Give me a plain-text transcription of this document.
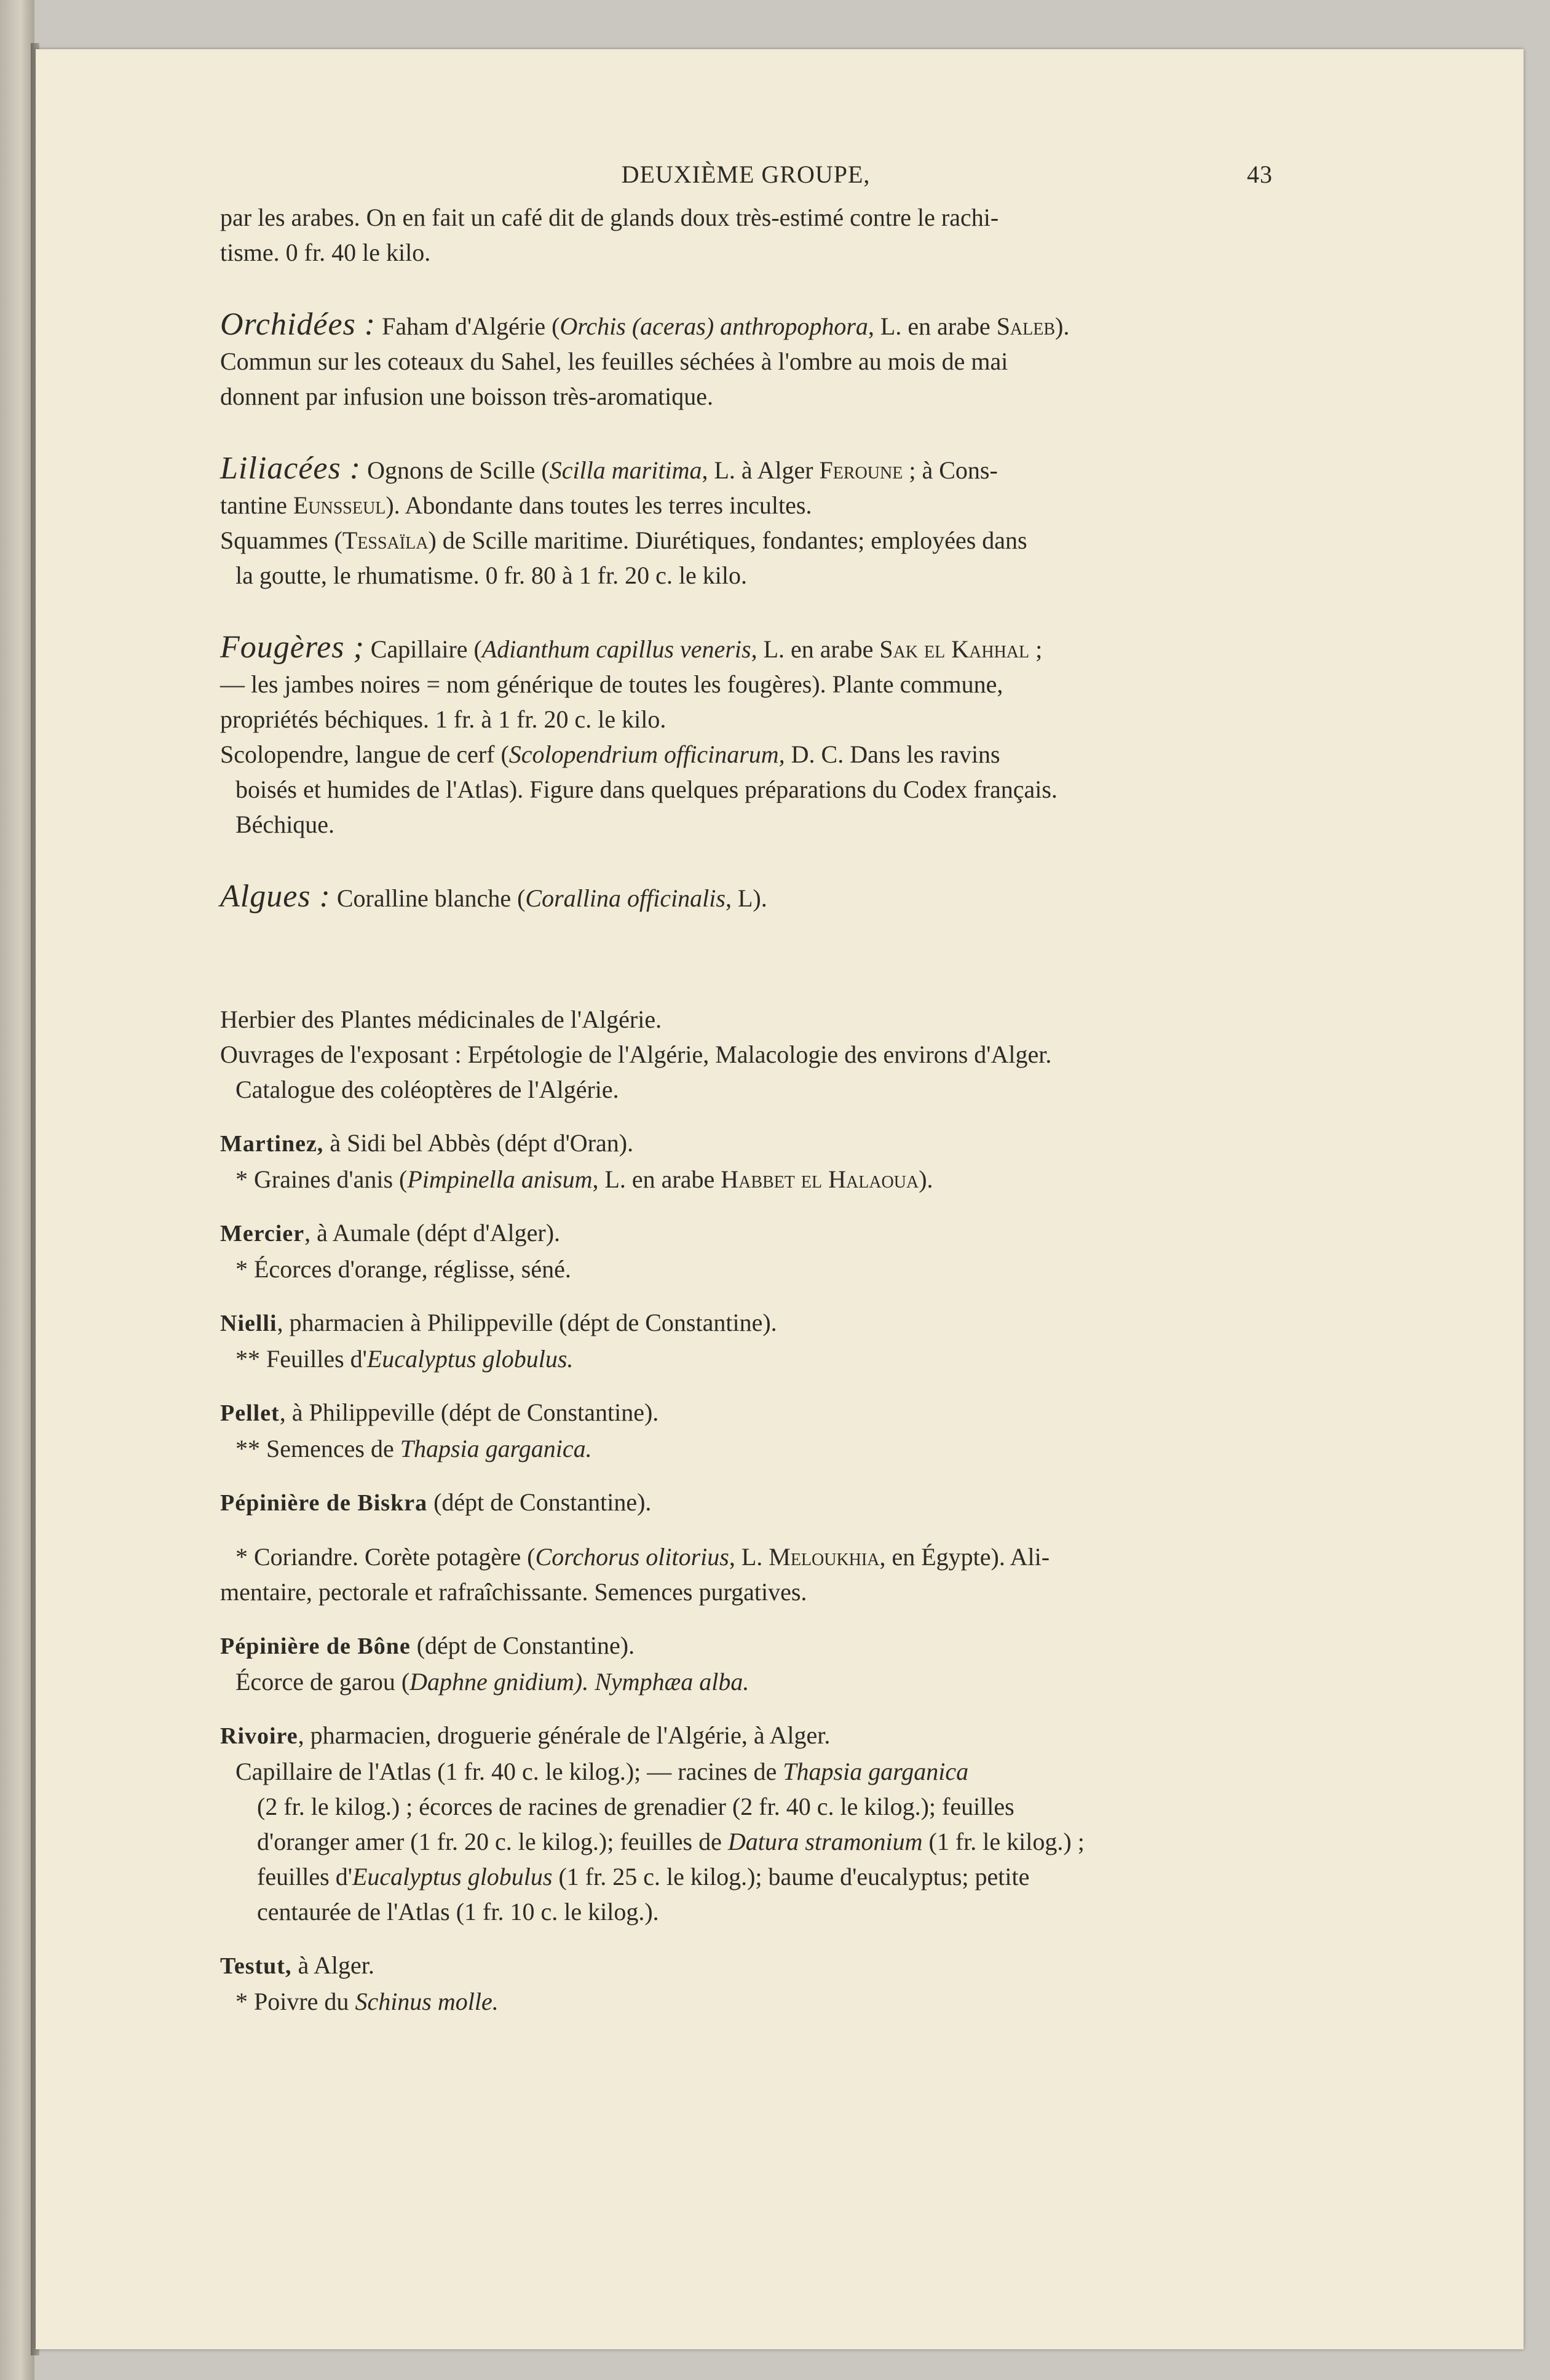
DEUXIÈME GROUPE,	43

par les arabes. On en fait un café dit de glands doux très-estimé contre le rachi-

tisme. 0 fr. 40 le kilo.

Orchidées : Faham d'Algérie (Orchis (aceras) anthropophora, L. en arabe Saleb).

Commun sur les coteaux du Sahel, les feuilles séchées à l'ombre au mois de mai

donnent par infusion une boisson très-aromatique.

Liliacées : Ognons de Scille (Scilla maritima, L. à Alger Feroune ; à Cons-

tantine Eunsseul). Abondante dans toutes les terres incultes.

Squammes (Tessaïla) de Scille maritime. Diurétiques, fondantes; employées dans

la goutte, le rhumatisme. 0 fr. 80 à 1 fr. 20 c. le kilo.

Fougères ; Capillaire (Adianthum capillus veneris, L. en arabe Sak el Kahhal ;

— les jambes noires = nom générique de toutes les fougères). Plante commune,

propriétés béchiques. 1 fr. à 1 fr. 20 c. le kilo.

Scolopendre, langue de cerf (Scolopendrium officinarum, D. C. Dans les ravins

boisés et humides de l'Atlas). Figure dans quelques préparations du Codex français.

Béchique.

Algues : Coralline blanche (Corallina officinalis, L).

Herbier des Plantes médicinales de l'Algérie.

Ouvrages de l'exposant : Erpétologie de l'Algérie, Malacologie des environs d'Alger.

Catalogue des coléoptères de l'Algérie.

Martinez, à Sidi bel Abbès (dépt d'Oran).

* Graines d'anis (Pimpinella anisum, L. en arabe Habbet el Halaoua).

Mercier, à Aumale (dépt d'Alger).

* Écorces d'orange, réglisse, séné.

Nielli, pharmacien à Philippeville (dépt de Constantine).

** Feuilles d'Eucalyptus globulus.

Pellet, à Philippeville (dépt de Constantine).

** Semences de Thapsia garganica.

Pépinière de Biskra (dépt de Constantine).

* Coriandre. Corète potagère (Corchorus olitorius, L. Meloukhia, en Égypte). Ali-

mentaire, pectorale et rafraîchissante. Semences purgatives.

Pépinière de Bône (dépt de Constantine).

Écorce de garou (Daphne gnidium). Nymphæa alba.

Rivoire, pharmacien, droguerie générale de l'Algérie, à Alger.

Capillaire de l'Atlas (1 fr. 40 c. le kilog.); — racines de Thapsia garganica

(2 fr. le kilog.) ; écorces de racines de grenadier (2 fr. 40 c. le kilog.); feuilles

d'oranger amer (1 fr. 20 c. le kilog.); feuilles de Datura stramonium (1 fr. le kilog.) ;

feuilles d'Eucalyptus globulus (1 fr. 25 c. le kilog.); baume d'eucalyptus; petite

centaurée de l'Atlas (1 fr. 10 c. le kilog.).

Testut, à Alger.

* Poivre du Schinus molle.
